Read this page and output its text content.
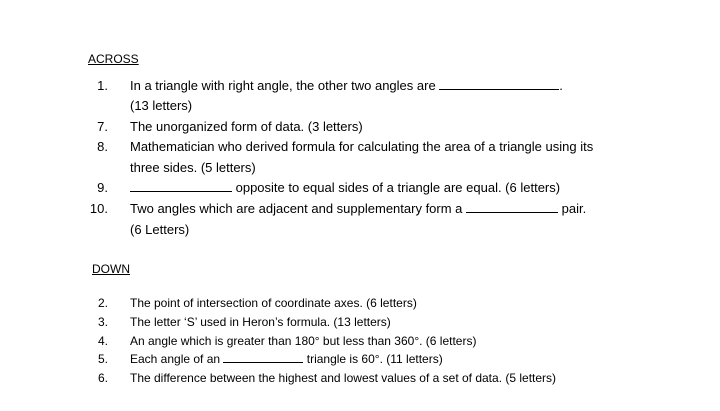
ACROSS
1. In a triangle with right angle, the other two angles are	.
(13 letters)
7. The unorganized form of data. (3 letters)
8. Mathematician who derived formula for calculating the area of a triangle using its
three sides. (5 letters)
9.	opposite to equal sides of a triangle are equal. (6 letters)
10. Two angles which are adjacent and supplementary form a	pair.
(6 Letters)
DOWN
2. The point of intersection of coordinate axes. (6 letters)
3. The letter ‘S’ used in Heron’s formula. (13 letters)
4. An angle which is greater than 180° but less than 360°. (6 letters)
5. Each angle of an	triangle is 60°. (11 letters)
6. The difference between the highest and lowest values of a set of data. (5 letters)
